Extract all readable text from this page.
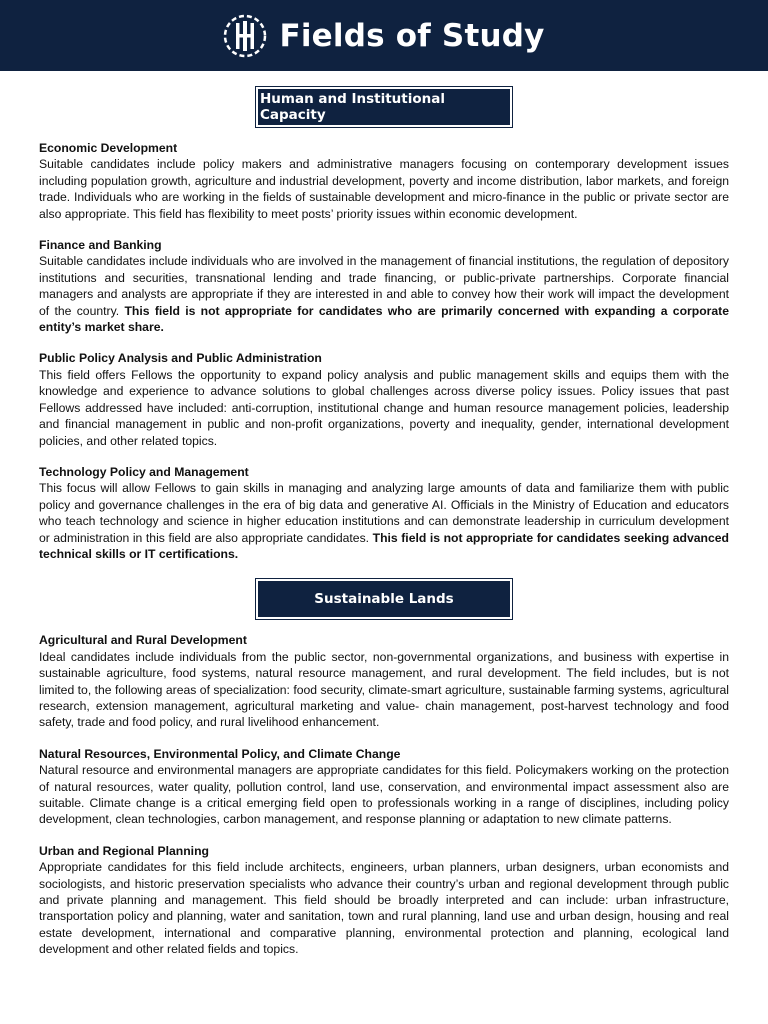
Fields of Study
Human and Institutional Capacity
Economic Development
Suitable candidates include policy makers and administrative managers focusing on contemporary development issues including population growth, agriculture and industrial development, poverty and income distribution, labor markets, and foreign trade. Individuals who are working in the fields of sustainable development and micro-finance in the public or private sector are also appropriate. This field has flexibility to meet posts’ priority issues within economic development.
Finance and Banking
Suitable candidates include individuals who are involved in the management of financial institutions, the regulation of depository institutions and securities, transnational lending and trade financing, or public-private partnerships. Corporate financial managers and analysts are appropriate if they are interested in and able to convey how their work will impact the development of the country. This field is not appropriate for candidates who are primarily concerned with expanding a corporate entity’s market share.
Public Policy Analysis and Public Administration
This field offers Fellows the opportunity to expand policy analysis and public management skills and equips them with the knowledge and experience to advance solutions to global challenges across diverse policy issues. Policy issues that past Fellows addressed have included: anti-corruption, institutional change and human resource management policies, leadership and financial management in public and non-profit organizations, poverty and inequality, gender, international development policies, and other related topics.
Technology Policy and Management
This focus will allow Fellows to gain skills in managing and analyzing large amounts of data and familiarize them with public policy and governance challenges in the era of big data and generative AI. Officials in the Ministry of Education and educators who teach technology and science in higher education institutions and can demonstrate leadership in curriculum development or administration in this field are also appropriate candidates. This field is not appropriate for candidates seeking advanced technical skills or IT certifications.
Sustainable Lands
Agricultural and Rural Development
Ideal candidates include individuals from the public sector, non-governmental organizations, and business with expertise in sustainable agriculture, food systems, natural resource management, and rural development. The field includes, but is not limited to, the following areas of specialization: food security, climate-smart agriculture, sustainable farming systems, agricultural research, extension management, agricultural marketing and value- chain management, post-harvest technology and food safety, trade and food policy, and rural livelihood enhancement.
Natural Resources, Environmental Policy, and Climate Change
Natural resource and environmental managers are appropriate candidates for this field. Policymakers working on the protection of natural resources, water quality, pollution control, land use, conservation, and environmental impact assessment also are suitable. Climate change is a critical emerging field open to professionals working in a range of disciplines, including policy development, clean technologies, carbon management, and response planning or adaptation to new climate patterns.
Urban and Regional Planning
Appropriate candidates for this field include architects, engineers, urban planners, urban designers, urban economists and sociologists, and historic preservation specialists who advance their country’s urban and regional development through public and private planning and management. This field should be broadly interpreted and can include: urban infrastructure, transportation policy and planning, water and sanitation, town and rural planning, land use and urban design, housing and real estate development, international and comparative planning, environmental protection and planning, ecological land development and other related fields and topics.
